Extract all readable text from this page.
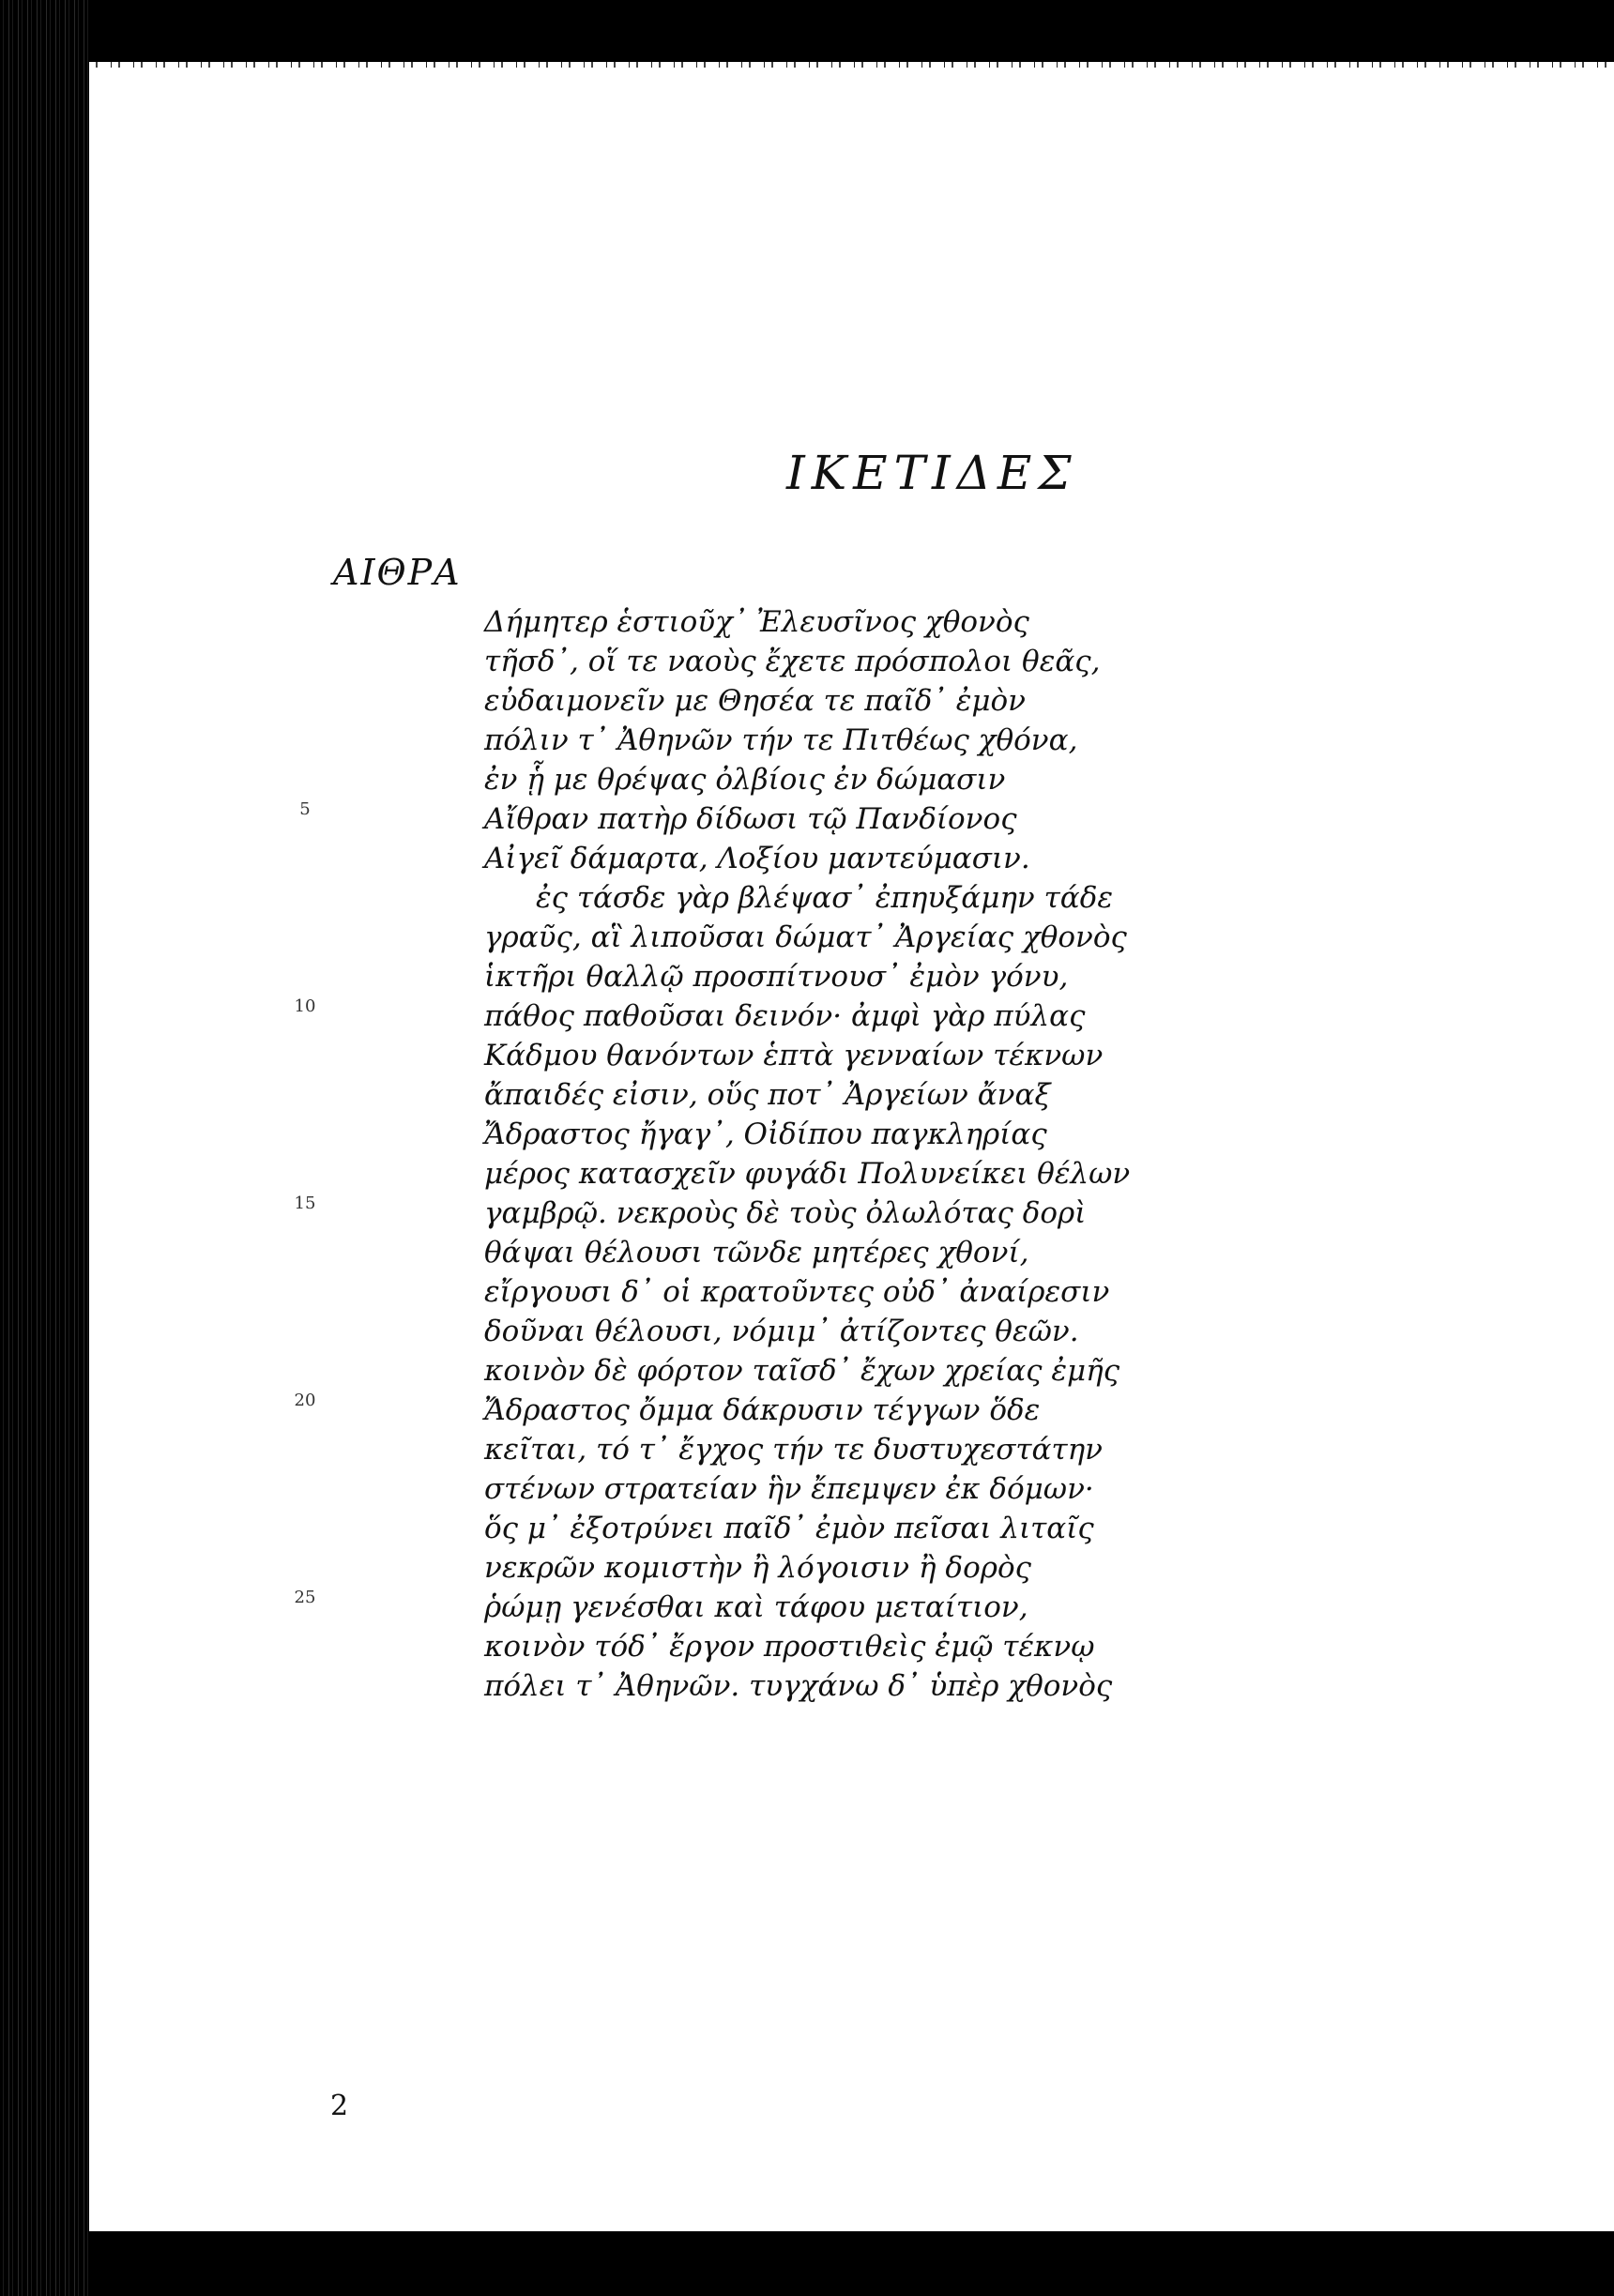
ΙΚΕΤΙΔΕΣ
ΑΙΘΡΑ
Δήμητερ ἑστιοῦχ᾽ Ἐλευσῖνος χθονὸς
τῆσδ᾽, οἵ τε ναοὺς ἔχετε πρόσπολοι θεᾶς,
εὐδαιμονεῖν με Θησέα τε παῖδ᾽ ἐμὸν
πόλιν τ᾽ Ἀθηνῶν τήν τε Πιτθέως χθόνα,
ἐν ᾗ με θρέψας ὀλβίοις ἐν δώμασιν
Αἴθραν πατὴρ δίδωσι τῷ Πανδίονος
Αἰγεῖ δάμαρτα, Λοξίου μαντεύμασιν.
ἐς τάσδε γὰρ βλέψασ᾽ ἐπηυξάμην τάδε
γραῦς, αἳ λιποῦσαι δώματ᾽ Ἀργείας χθονὸς
ἱκτῆρι θαλλῷ προσπίτνουσ᾽ ἐμὸν γόνυ,
πάθος παθοῦσαι δεινόν· ἀμφὶ γὰρ πύλας
Κάδμου θανόντων ἑπτὰ γενναίων τέκνων
ἄπαιδές εἰσιν, οὕς ποτ᾽ Ἀργείων ἄναξ
Ἄδραστος ἤγαγ᾽, Οἰδίπου παγκληρίας
μέρος κατασχεῖν φυγάδι Πολυνείκει θέλων
γαμβρῷ. νεκροὺς δὲ τοὺς ὀλωλότας δορὶ
θάψαι θέλουσι τῶνδε μητέρες χθονί,
εἴργουσι δ᾽ οἱ κρατοῦντες οὐδ᾽ ἀναίρεσιν
δοῦναι θέλουσι, νόμιμ᾽ ἀτίζοντες θεῶν.
κοινὸν δὲ φόρτον ταῖσδ᾽ ἔχων χρείας ἐμῆς
Ἄδραστος ὄμμα δάκρυσιν τέγγων ὅδε
κεῖται, τό τ᾽ ἔγχος τήν τε δυστυχεστάτην
στένων στρατείαν ἣν ἔπεμψεν ἐκ δόμων·
ὅς μ᾽ ἐξοτρύνει παῖδ᾽ ἐμὸν πεῖσαι λιταῖς
νεκρῶν κομιστὴν ἢ λόγοισιν ἢ δορὸς
ῥώμῃ γενέσθαι καὶ τάφου μεταίτιον,
κοινὸν τόδ᾽ ἔργον προστιθεὶς ἐμῷ τέκνῳ
πόλει τ᾽ Ἀθηνῶν. τυγχάνω δ᾽ ὑπὲρ χθονὸς
5
10
15
20
25
2
